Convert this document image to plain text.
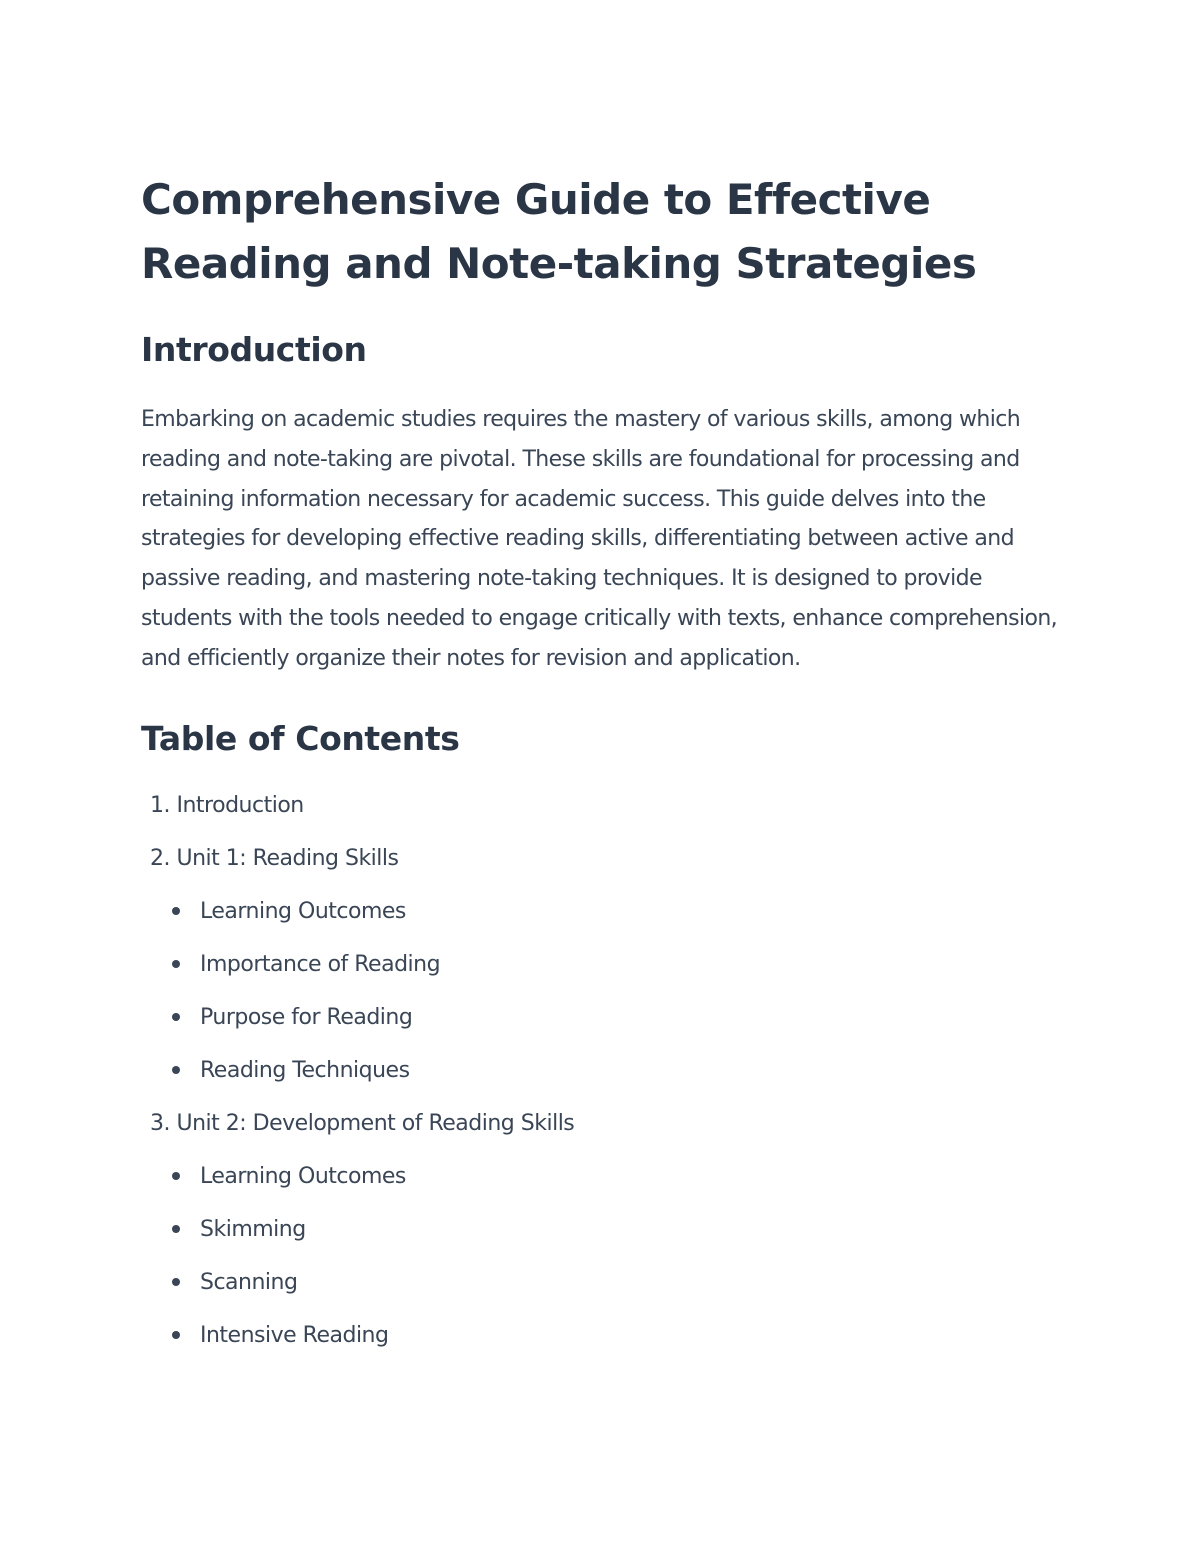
Comprehensive Guide to Effective
Reading and Note-taking Strategies
Introduction

Embarking on academic studies requires the mastery of various skills, among which reading and note-taking are pivotal. These skills are foundational for processing and retaining information necessary for academic success. This guide delves into the strategies for developing effective reading skills, differentiating between active and passive reading, and mastering note-taking techniques. It is designed to provide students with the tools needed to engage critically with texts, enhance comprehension, and efficiently organize their notes for revision and application.

Table of Contents
1. Introduction
2. Unit 1: Reading Skills
Learning Outcomes
Importance of Reading
Purpose for Reading
Reading Techniques
3. Unit 2: Development of Reading Skills
Learning Outcomes
Skimming
Scanning
Intensive Reading
